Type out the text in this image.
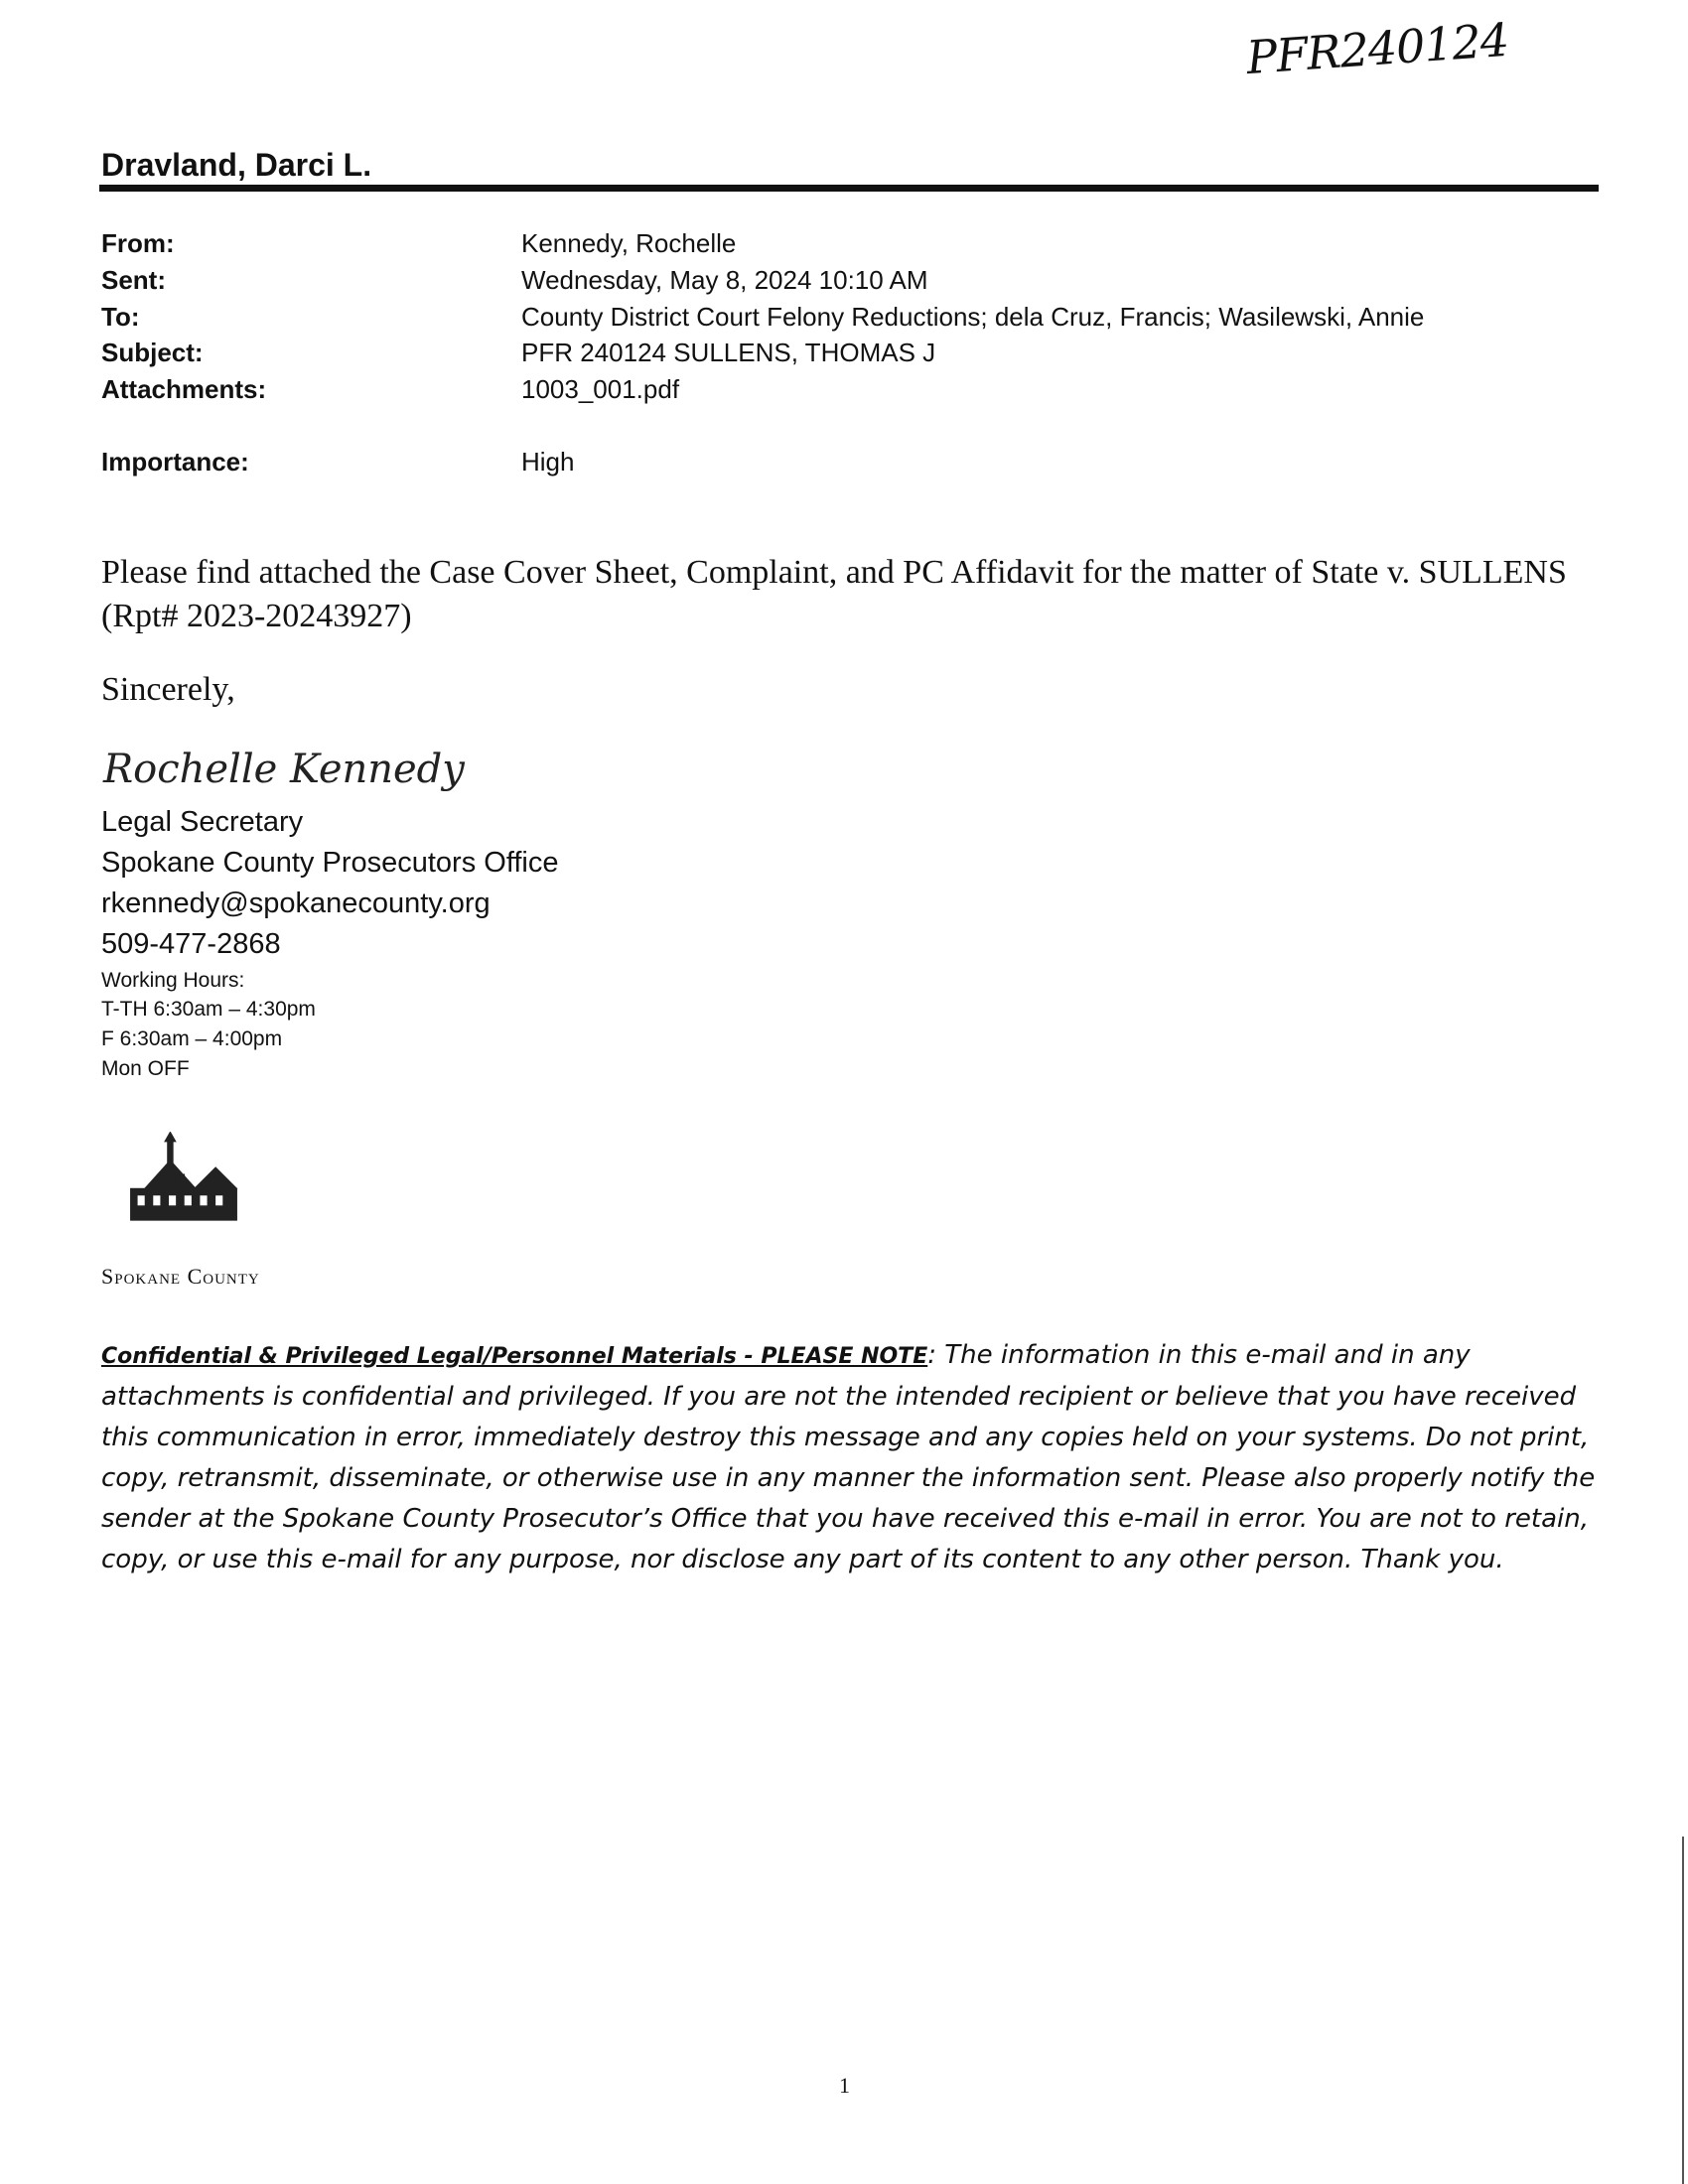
PFR240124
Dravland, Darci L.
From:	Kennedy, Rochelle
Sent:	Wednesday, May 8, 2024 10:10 AM
To:	County District Court Felony Reductions; dela Cruz, Francis; Wasilewski, Annie
Subject:	PFR 240124 SULLENS, THOMAS J
Attachments:	1003_001.pdf
Importance:	High
Please find attached the Case Cover Sheet, Complaint, and PC Affidavit for the matter of State v. SULLENS (Rpt# 2023-20243927)
Sincerely,
Rochelle Kennedy
Legal Secretary
Spokane County Prosecutors Office
rkennedy@spokanecounty.org
509-477-2868
Working Hours:
T-TH 6:30am – 4:30pm
F 6:30am – 4:00pm
Mon OFF
Spokane County
Confidential & Privileged Legal/Personnel Materials - PLEASE NOTE: The information in this e-mail and in any attachments is confidential and privileged. If you are not the intended recipient or believe that you have received this communication in error, immediately destroy this message and any copies held on your systems. Do not print, copy, retransmit, disseminate, or otherwise use in any manner the information sent. Please also properly notify the sender at the Spokane County Prosecutor’s Office that you have received this e-mail in error. You are not to retain, copy, or use this e-mail for any purpose, nor disclose any part of its content to any other person. Thank you.
1
